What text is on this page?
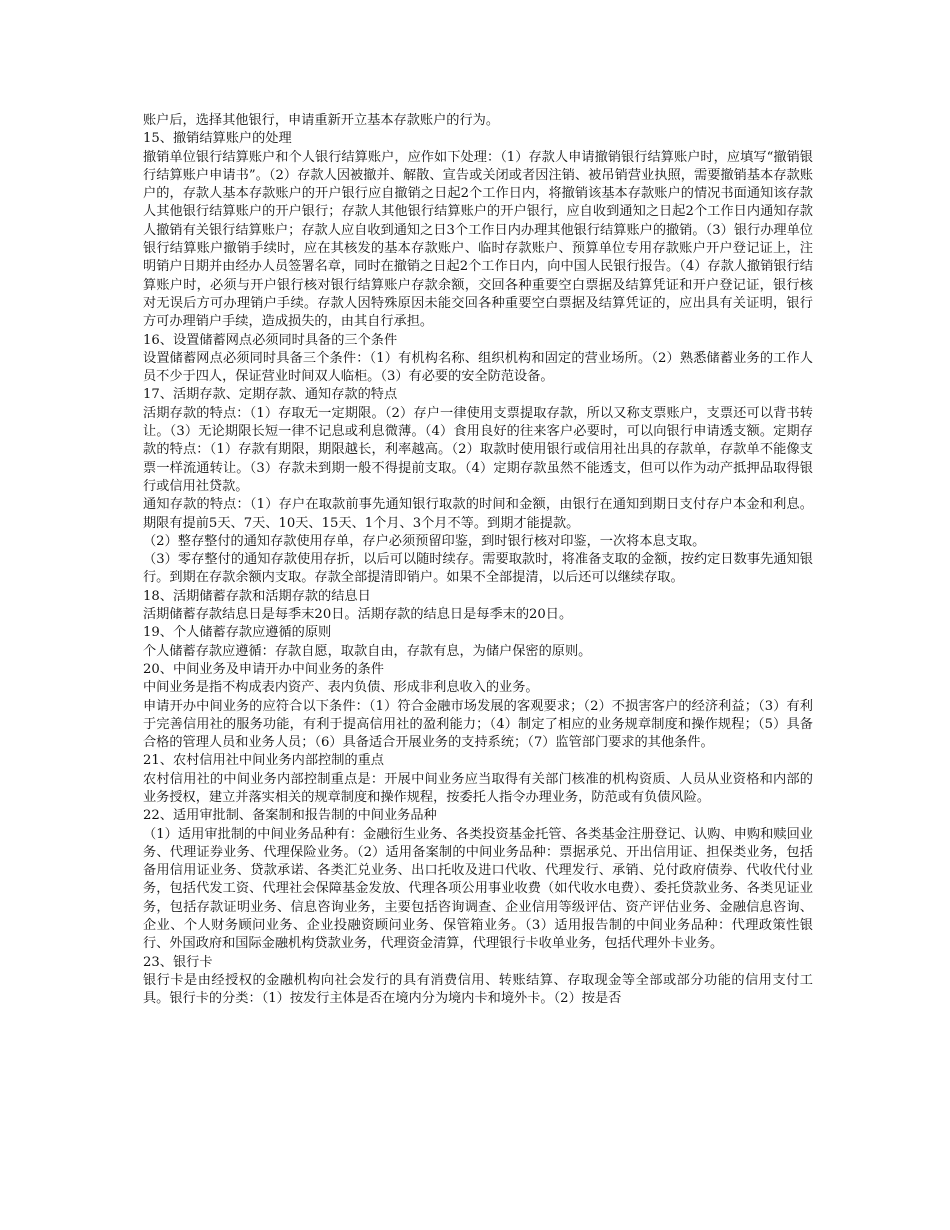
账户后，选择其他银行，申请重新开立基本存款账户的行为。

15、撤销结算账户的处理

撤销单位银行结算账户和个人银行结算账户，应作如下处理：（1）存款人申请撤销银行结算账户时，应填写“撤销银行结算账户申请书”。（2）存款人因被撤并、解散、宣告或关闭或者因注销、被吊销营业执照，需要撤销基本存款账户的，存款人基本存款账户的开户银行应自撤销之日起2个工作日内，将撤销该基本存款账户的情况书面通知该存款人其他银行结算账户的开户银行；存款人其他银行结算账户的开户银行，应自收到通知之日起2个工作日内通知存款人撤销有关银行结算账户；存款人应自收到通知之日3个工作日内办理其他银行结算账户的撤销。（3）银行办理单位银行结算账户撤销手续时，应在其核发的基本存款账户、临时存款账户、预算单位专用存款账户开户登记证上，注明销户日期并由经办人员签署名章，同时在撤销之日起2个工作日内，向中国人民银行报告。（4）存款人撤销银行结算账户时，必须与开户银行核对银行结算账户存款余额，交回各种重要空白票据及结算凭证和开户登记证，银行核对无误后方可办理销户手续。存款人因特殊原因未能交回各种重要空白票据及结算凭证的，应出具有关证明，银行方可办理销户手续，造成损失的，由其自行承担。

16、设置储蓄网点必须同时具备的三个条件

设置储蓄网点必须同时具备三个条件：（1）有机构名称、组织机构和固定的营业场所。（2）熟悉储蓄业务的工作人员不少于四人，保证营业时间双人临柜。（3）有必要的安全防范设备。

17、活期存款、定期存款、通知存款的特点

活期存款的特点：（1）存取无一定期限。（2）存户一律使用支票提取存款，所以又称支票账户，支票还可以背书转让。（3）无论期限长短一律不记息或利息微薄。（4）食用良好的往来客户必要时，可以向银行申请透支额。定期存款的特点：（1）存款有期限，期限越长，利率越高。（2）取款时使用银行或信用社出具的存款单，存款单不能像支票一样流通转让。（3）存款未到期一般不得提前支取。（4）定期存款虽然不能透支，但可以作为动产抵押品取得银行或信用社贷款。

通知存款的特点：（1）存户在取款前事先通知银行取款的时间和金额，由银行在通知到期日支付存户本金和利息。期限有提前5天、7天、10天、15天、1个月、3个月不等。到期才能提款。

（2）整存整付的通知存款使用存单，存户必须预留印鉴，到时银行核对印鉴，一次将本息支取。

（3）零存整付的通知存款使用存折，以后可以随时续存。需要取款时，将准备支取的金额，按约定日数事先通知银行。到期在存款余额内支取。存款全部提清即销户。如果不全部提清，以后还可以继续存取。

18、活期储蓄存款和活期存款的结息日

活期储蓄存款结息日是每季末20日。活期存款的结息日是每季末的20日。

19、个人储蓄存款应遵循的原则

个人储蓄存款应遵循：存款自愿，取款自由，存款有息，为储户保密的原则。

20、中间业务及申请开办中间业务的条件

中间业务是指不构成表内资产、表内负债、形成非利息收入的业务。

申请开办中间业务的应符合以下条件：（1）符合金融市场发展的客观要求；（2）不损害客户的经济利益；（3）有利于完善信用社的服务功能，有利于提高信用社的盈利能力；（4）制定了相应的业务规章制度和操作规程；（5）具备合格的管理人员和业务人员；（6）具备适合开展业务的支持系统；（7）监管部门要求的其他条件。

21、农村信用社中间业务内部控制的重点

农村信用社的中间业务内部控制重点是：开展中间业务应当取得有关部门核准的机构资质、人员从业资格和内部的业务授权，建立并落实相关的规章制度和操作规程，按委托人指令办理业务，防范或有负债风险。

22、适用审批制、备案制和报告制的中间业务品种

（1）适用审批制的中间业务品种有：金融衍生业务、各类投资基金托管、各类基金注册登记、认购、申购和赎回业务、代理证券业务、代理保险业务。（2）适用备案制的中间业务品种：票据承兑、开出信用证、担保类业务，包括备用信用证业务、贷款承诺、各类汇兑业务、出口托收及进口代收、代理发行、承销、兑付政府债券、代收代付业务，包括代发工资、代理社会保障基金发放、代理各项公用事业收费（如代收水电费）、委托贷款业务、各类见证业务，包括存款证明业务、信息咨询业务，主要包括咨询调查、企业信用等级评估、资产评估业务、金融信息咨询、企业、个人财务顾问业务、企业投融资顾问业务、保管箱业务。（3）适用报告制的中间业务品种：代理政策性银行、外国政府和国际金融机构贷款业务，代理资金清算，代理银行卡收单业务，包括代理外卡业务。

23、银行卡

银行卡是由经授权的金融机构向社会发行的具有消费信用、转账结算、存取现金等全部或部分功能的信用支付工具。银行卡的分类：（1）按发行主体是否在境内分为境内卡和境外卡。（2）按是否
